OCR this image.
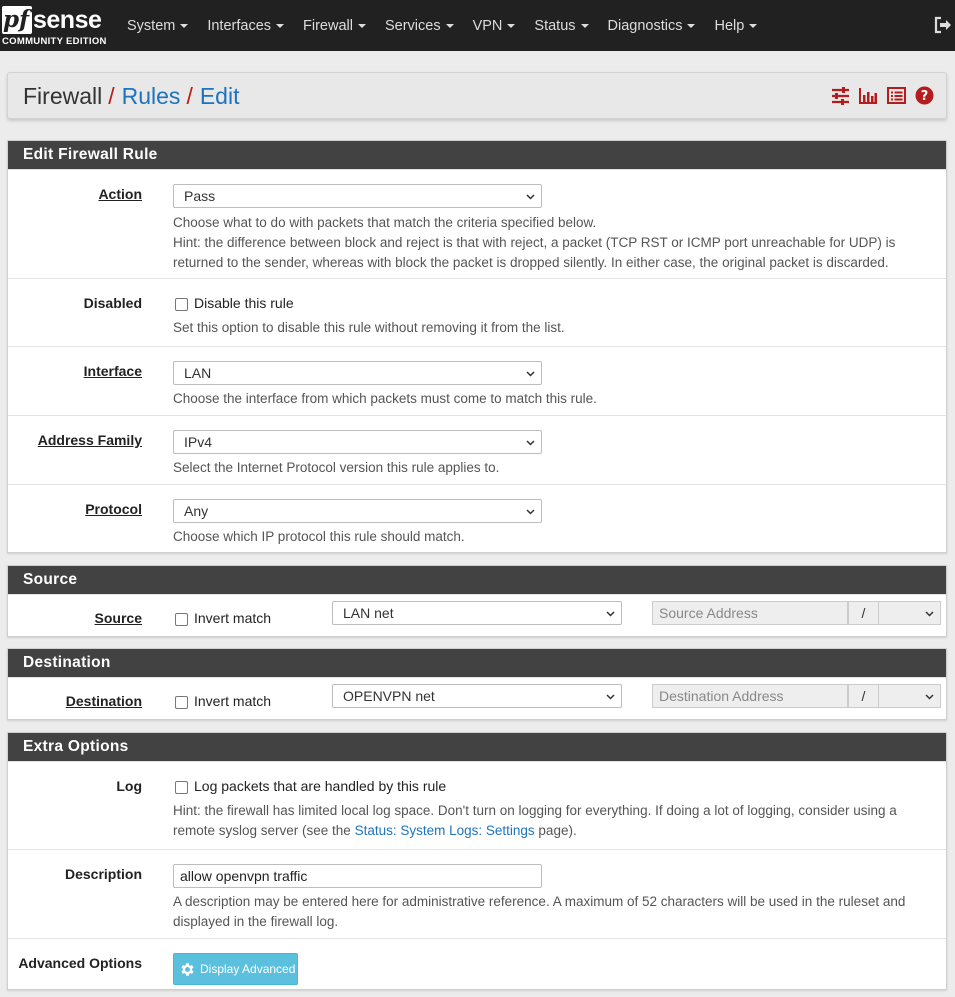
pf sense
COMMUNITY EDITION
System Interfaces Firewall Services VPN Status Diagnostics Help
Firewall / Rules / Edit	?
Edit Firewall Rule
Action	Pass
Choose what to do with packets that match the criteria specified below.
Hint: the difference between block and reject is that with reject, a packet (TCP RST or ICMP port unreachable for UDP) is returned to the sender, whereas with block the packet is dropped silently. In either case, the original packet is discarded.
Disabled	Disable this rule
Set this option to disable this rule without removing it from the list.
Interface	LAN
Choose the interface from which packets must come to match this rule.
Address Family	IPv4
Select the Internet Protocol version this rule applies to.
Protocol	Any
Choose which IP protocol this rule should match.
Source
Source	Invert match	LAN net	Source Address	/
Destination
Destination	Invert match	OPENVPN net	Destination Address	/
Extra Options
Log	Log packets that are handled by this rule
Hint: the firewall has limited local log space. Don't turn on logging for everything. If doing a lot of logging, consider using a remote syslog server (see the Status: System Logs: Settings page).
Description	allow openvpn traffic
A description may be entered here for administrative reference. A maximum of 52 characters will be used in the ruleset and displayed in the firewall log.
Advanced Options	Display Advanced
